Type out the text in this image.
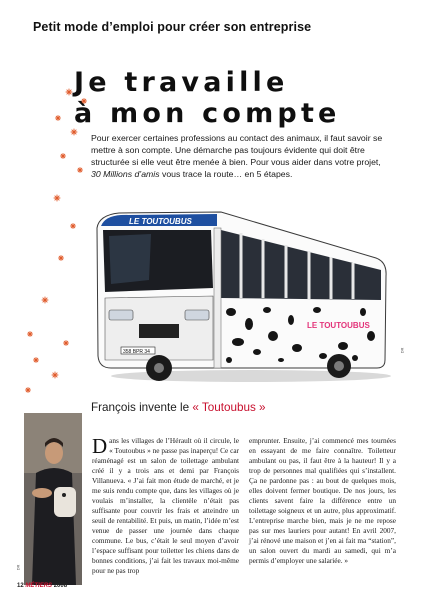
Petit mode d’emploi pour créer son entreprise
Je travaille
à mon compte
Pour exercer certaines professions au contact des animaux, il faut savoir se mettre à son compte. Une démarche pas toujours évidente qui doit être structurée si elle veut être menée à bien. Pour vous aider dans votre projet, 30 Millions d’amis vous trace la route… en 5 étapes.
LE TOUTOUBUS
358 BPR 34
LE TOUTOUBUS
DR
François invente le « Toutoubus »
DR

Dans les villages de l’Hérault où il circule, le « Toutoubus » ne passe pas inaperçu! Ce car réaménagé est un salon de toilettage ambulant créé il y a trois ans et demi par François Villanueva. « J’ai fait mon étude de marché, et je me suis rendu compte que, dans les villages où je voulais m’installer, la clientèle n’était pas suffisante pour couvrir les frais et atteindre un seuil de rentabilité. Et puis, un matin, l’idée m’est venue de passer une journée dans chaque commune. Le bus, c’était le seul moyen d’avoir l’espace suffisant pour toiletter les chiens dans de bonnes conditions, j’ai fait les travaux moi-même pour ne pas trop

emprunter. Ensuite, j’ai commencé mes tournées en essayant de me faire connaître. Toiletteur ambulant ou pas, il faut être à la hauteur! Il y a trop de personnes mal qualifiées qui s’installent. Ça ne pardonne pas : au bout de quelques mois, elles doivent fermer boutique. De nos jours, les clients savent faire la différence entre un toilettage soigneux et un autre, plus approximatif. L’entreprise marche bien, mais je ne me repose pas sur mes lauriers pour autant! En avril 2007, j’ai rénové une maison et j’en ai fait ma “station”, un salon ouvert du mardi au samedi, qui m’a permis d’employer une salariée. »

12 MÉTIERS 2008
